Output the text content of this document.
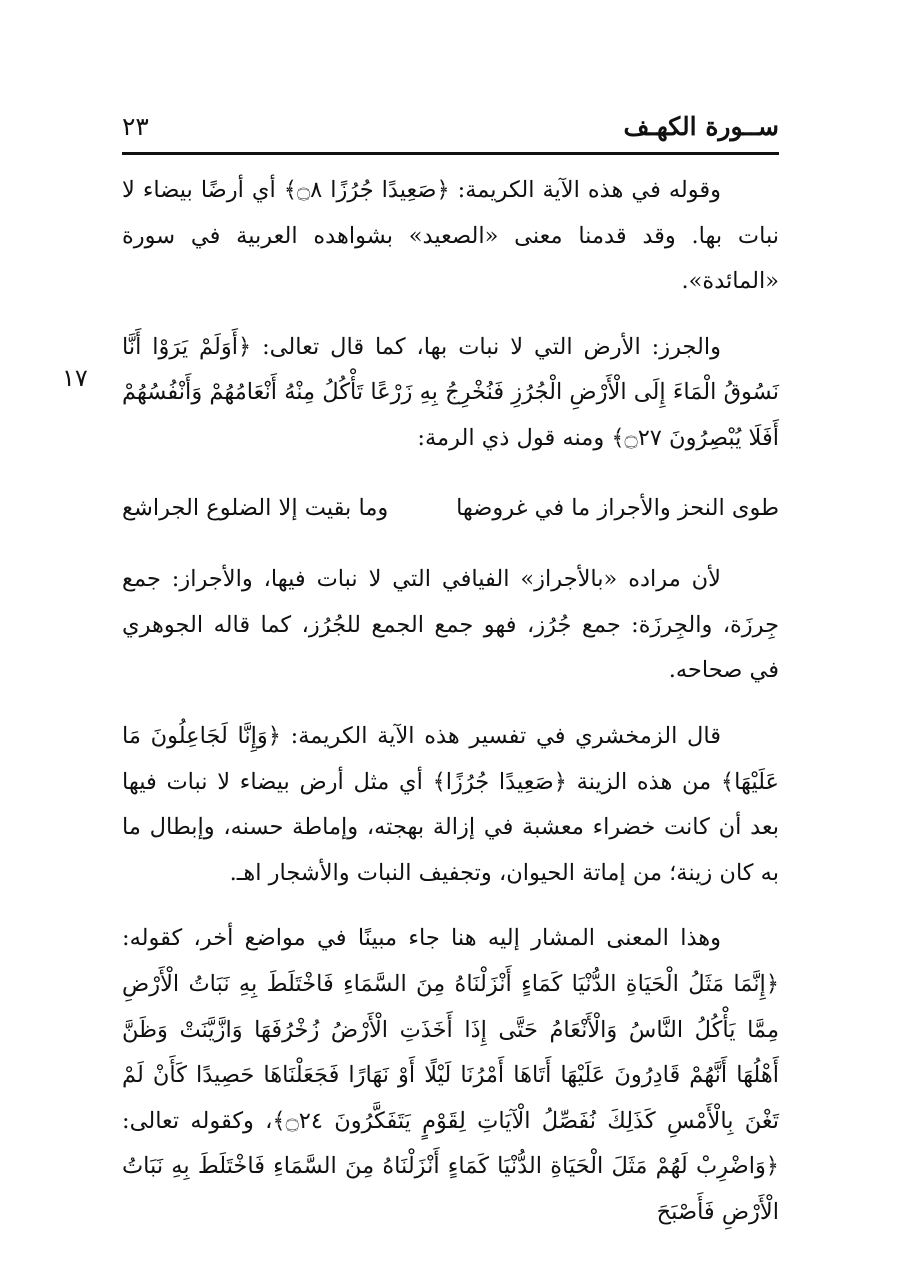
ســورة الكهـف
٢٣
١٧

وقوله في هذه الآية الكريمة: ﴿صَعِيدًا جُرُزًا ۝٨﴾ أي أرضًا بيضاء لا نبات بها. وقد قدمنا معنى «الصعيد» بشواهده العربية في سورة «المائدة».

والجرز: الأرض التي لا نبات بها، كما قال تعالى: ﴿أَوَلَمْ يَرَوْا أَنَّا نَسُوقُ الْمَاءَ إِلَى الْأَرْضِ الْجُرُزِ فَنُخْرِجُ بِهِ زَرْعًا تَأْكُلُ مِنْهُ أَنْعَامُهُمْ وَأَنْفُسُهُمْ أَفَلَا يُبْصِرُونَ ۝٢٧﴾ ومنه قول ذي الرمة:

طوى النحز والأجراز ما في غروضها
وما بقيت إلا الضلوع الجراشع

لأن مراده «بالأجراز» الفيافي التي لا نبات فيها، والأجراز: جمع جِرزَة، والجِرزَة: جمع جُرُز، فهو جمع الجمع للجُرُز، كما قاله الجوهري في صحاحه.

قال الزمخشري في تفسير هذه الآية الكريمة: ﴿وَإِنَّا لَجَاعِلُونَ مَا عَلَيْهَا﴾ من هذه الزينة ﴿صَعِيدًا جُرُزًا﴾ أي مثل أرض بيضاء لا نبات فيها بعد أن كانت خضراء معشبة في إزالة بهجته، وإماطة حسنه، وإبطال ما به كان زينة؛ من إماتة الحيوان، وتجفيف النبات والأشجار اهـ.

وهذا المعنى المشار إليه هنا جاء مبينًا في مواضع أخر، كقوله: ﴿إِنَّمَا مَثَلُ الْحَيَاةِ الدُّنْيَا كَمَاءٍ أَنْزَلْنَاهُ مِنَ السَّمَاءِ فَاخْتَلَطَ بِهِ نَبَاتُ الْأَرْضِ مِمَّا يَأْكُلُ النَّاسُ وَالْأَنْعَامُ حَتَّى إِذَا أَخَذَتِ الْأَرْضُ زُخْرُفَهَا وَازَّيَّنَتْ وَظَنَّ أَهْلُهَا أَنَّهُمْ قَادِرُونَ عَلَيْهَا أَتَاهَا أَمْرُنَا لَيْلًا أَوْ نَهَارًا فَجَعَلْنَاهَا حَصِيدًا كَأَنْ لَمْ تَغْنَ بِالْأَمْسِ كَذَلِكَ نُفَصِّلُ الْآيَاتِ لِقَوْمٍ يَتَفَكَّرُونَ ۝٢٤﴾، وكقوله تعالى: ﴿وَاضْرِبْ لَهُمْ مَثَلَ الْحَيَاةِ الدُّنْيَا كَمَاءٍ أَنْزَلْنَاهُ مِنَ السَّمَاءِ فَاخْتَلَطَ بِهِ نَبَاتُ الْأَرْضِ فَأَصْبَحَ
